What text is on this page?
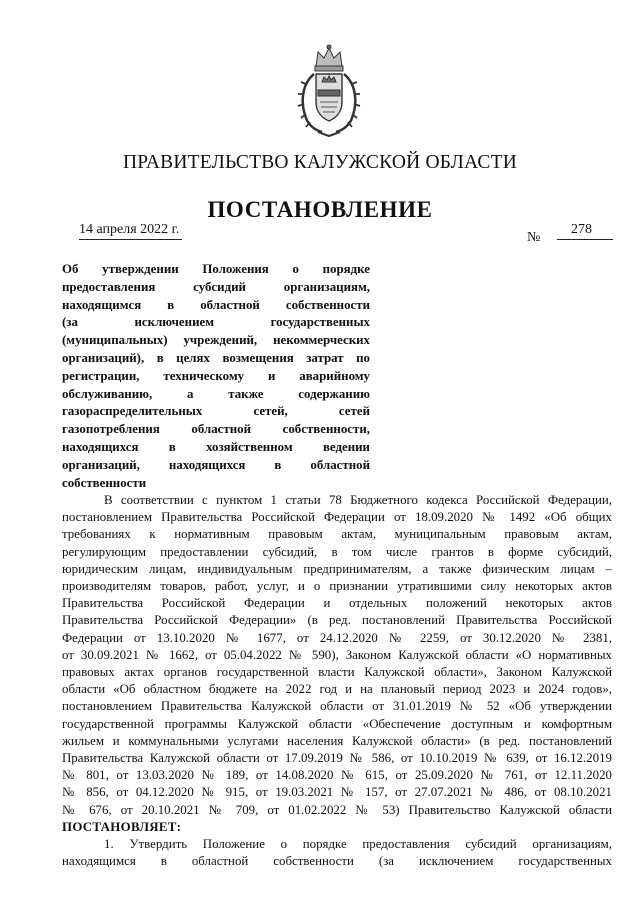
ПРАВИТЕЛЬСТВО КАЛУЖСКОЙ ОБЛАСТИ
ПОСТАНОВЛЕНИЕ
14 апреля 2022 г.
№
278
Об утверждении Положения о порядке
предоставления субсидий организациям,
находящимся в областной собственности
(за исключением государственных
(муниципальных) учреждений, некоммерческих
организаций), в целях возмещения затрат по
регистрации, техническому и аварийному
обслуживанию, а также содержанию
газораспределительных сетей, сетей
газопотребления областной собственности,
находящихся в хозяйственном ведении
организаций, находящихся в областной
собственности
В соответствии с пунктом 1 статьи 78 Бюджетного кодекса Российской Федерации,
постановлением Правительства Российской Федерации от 18.09.2020 № 1492 «Об общих
требованиях к нормативным правовым актам, муниципальным правовым актам,
регулирующим предоставлении субсидий, в том числе грантов в форме субсидий,
юридическим лицам, индивидуальным предпринимателям, а также физическим лицам –
производителям товаров, работ, услуг, и о признании утратившими силу некоторых актов
Правительства Российской Федерации и отдельных положений некоторых актов
Правительства Российской Федерации» (в ред. постановлений Правительства Российской
Федерации от 13.10.2020 № 1677, от 24.12.2020 № 2259, от 30.12.2020 № 2381,
от 30.09.2021 № 1662, от 05.04.2022 № 590), Законом Калужской области «О нормативных
правовых актах органов государственной власти Калужской области», Законом Калужской
области «Об областном бюджете на 2022 год и на плановый период 2023 и 2024 годов»,
постановлением Правительства Калужской области от 31.01.2019 № 52 «Об утверждении
государственной программы Калужской области «Обеспечение доступным и комфортным
жильем и коммунальными услугами населения Калужской области» (в ред. постановлений
Правительства Калужской области от 17.09.2019 № 586, от 10.10.2019 № 639, от 16.12.2019
№ 801, от 13.03.2020 № 189, от 14.08.2020 № 615, от 25.09.2020 № 761, от 12.11.2020
№ 856, от 04.12.2020 № 915, от 19.03.2021 № 157, от 27.07.2021 № 486, от 08.10.2021
№ 676, от 20.10.2021 № 709, от 01.02.2022 № 53) Правительство Калужской области
ПОСТАНОВЛЯЕТ:
1. Утвердить Положение о порядке предоставления субсидий организациям,
находящимся в областной собственности (за исключением государственных
